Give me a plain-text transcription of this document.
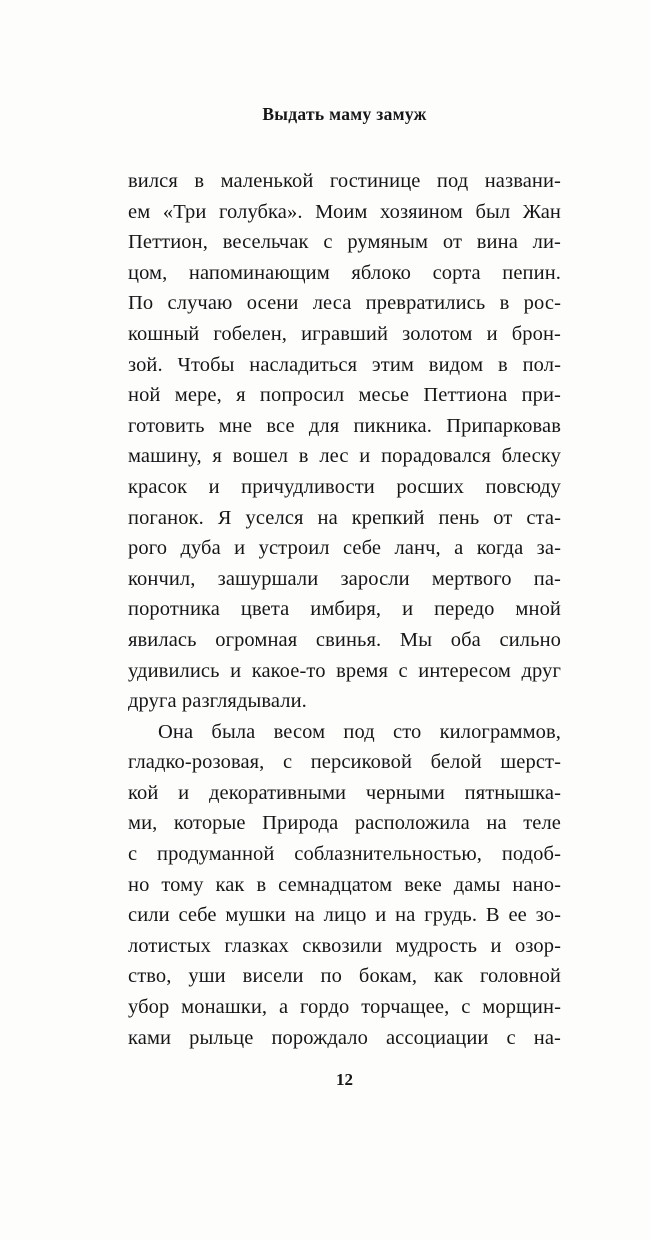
Выдать маму замуж
вился в маленькой гостинице под названи-
ем «Три голубка». Моим хозяином был Жан
Петтион, весельчак с румяным от вина ли-
цом, напоминающим яблоко сорта пепин.
По случаю осени леса превратились в рос-
кошный гобелен, игравший золотом и брон-
зой. Чтобы насладиться этим видом в пол-
ной мере, я попросил месье Петтиона при-
готовить мне все для пикника. Припарковав
машину, я вошел в лес и порадовался блеску
красок и причудливости росших повсюду
поганок. Я уселся на крепкий пень от ста-
рого дуба и устроил себе ланч, а когда за-
кончил, зашуршали заросли мертвого па-
поротника цвета имбиря, и передо мной
явилась огромная свинья. Мы оба сильно
удивились и какое-то время с интересом друг
друга разглядывали.
Она была весом под сто килограммов,
гладко-розовая, с персиковой белой шерст-
кой и декоративными черными пятнышка-
ми, которые Природа расположила на теле
с продуманной соблазнительностью, подоб-
но тому как в семнадцатом веке дамы нано-
сили себе мушки на лицо и на грудь. В ее зо-
лотистых глазках сквозили мудрость и озор-
ство, уши висели по бокам, как головной
убор монашки, а гордо торчащее, с морщин-
ками рыльце порождало ассоциации с на-
12
